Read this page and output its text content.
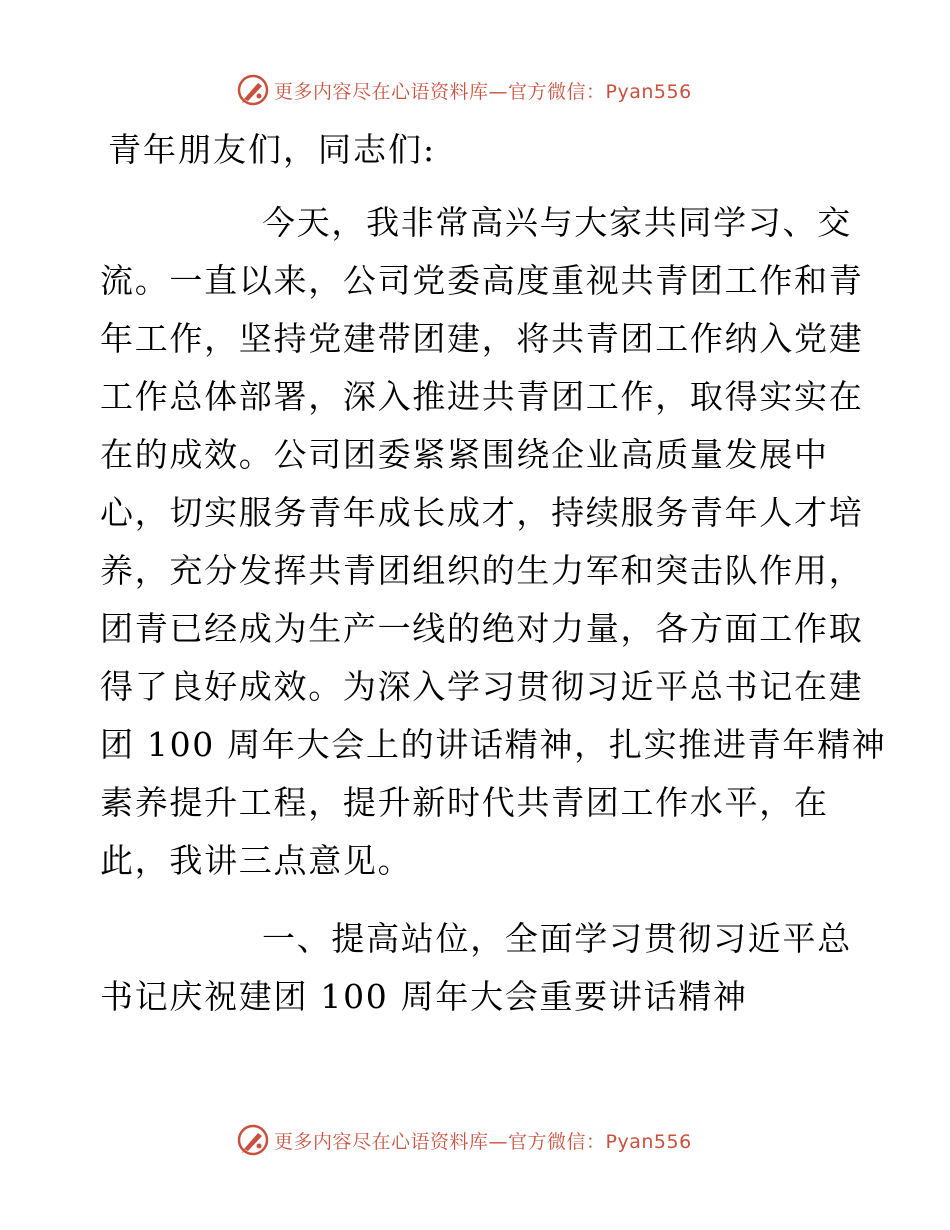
更多内容尽在心语资料库—官方微信：Pyan556
青年朋友们，同志们:
今天，我非常高兴与大家共同学习、交
流。一直以来，公司党委高度重视共青团工作和青
年工作，坚持党建带团建，将共青团工作纳入党建
工作总体部署，深入推进共青团工作，取得实实在
在的成效。公司团委紧紧围绕企业高质量发展中
心，切实服务青年成长成才，持续服务青年人才培
养，充分发挥共青团组织的生力军和突击队作用，
团青已经成为生产一线的绝对力量，各方面工作取
得了良好成效。为深入学习贯彻习近平总书记在建
团 100 周年大会上的讲话精神，扎实推进青年精神
素养提升工程，提升新时代共青团工作水平，在
此，我讲三点意见。
一、提高站位，全面学习贯彻习近平总
书记庆祝建团 100 周年大会重要讲话精神
更多内容尽在心语资料库—官方微信：Pyan556
